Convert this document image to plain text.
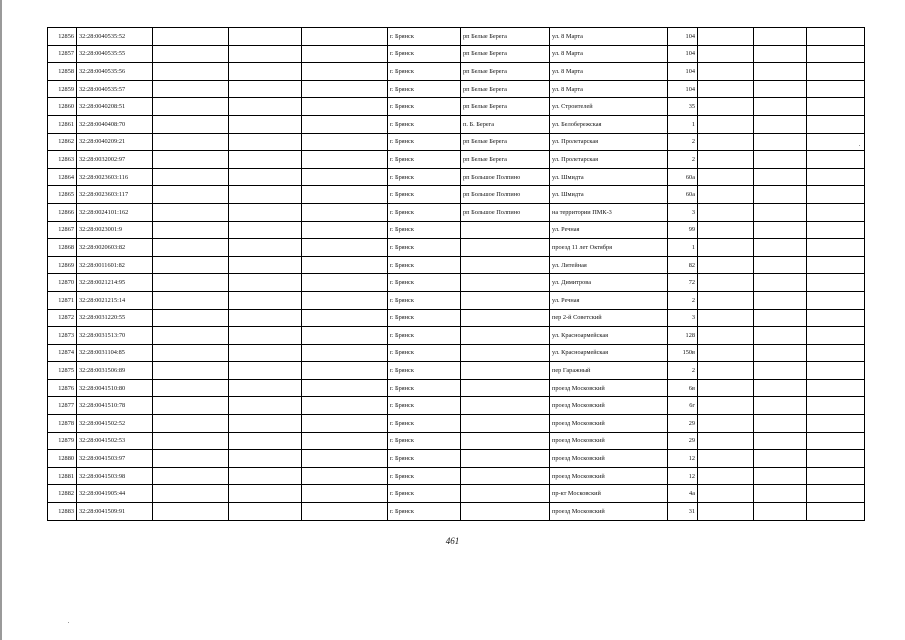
12856	32:28:0040535:52				г. Брянск	рп Белые Берега	ул. 8 Марта	104			
12857	32:28:0040535:55				г. Брянск	рп Белые Берега	ул. 8 Марта	104			
12858	32:28:0040535:56				г. Брянск	рп Белые Берега	ул. 8 Марта	104			
12859	32:28:0040535:57				г. Брянск	рп Белые Берега	ул. 8 Марта	104			
12860	32:28:0040208:51				г. Брянск	рп Белые Берега	ул. Строителей	35			
12861	32:28:0040408:70				г. Брянск	п. Б. Берега	ул. Белобережская	1			
12862	32:28:0040209:21				г. Брянск	рп Белые Берега	ул. Пролетарская	2			
12863	32:28:0032002:97				г. Брянск	рп Белые Берега	ул. Пролетарская	2			
12864	32:28:0023603:116				г. Брянск	рп Большое Полпино	ул. Шмидта	60а			
12865	32:28:0023603:117				г. Брянск	рп Большое Полпино	ул. Шмидта	60а			
12866	32:28:0024101:162				г. Брянск	рп Большое Полпино	на территории ПМК-3	3			
12867	32:28:0023001:9				г. Брянск		ул. Речная	99			
12868	32:28:0020603:82				г. Брянск		проезд 11 лет Октября	1			
12869	32:28:0011601:82				г. Брянск		ул. Литейная	82			
12870	32:28:0021214:95				г. Брянск		ул. Димитрова	72			
12871	32:28:0021215:14				г. Брянск		ул. Речная	2			
12872	32:28:0031220:55				г. Брянск		пер 2-й Советский	3			
12873	32:28:0031513:70				г. Брянск		ул. Красноармейская	128			
12874	32:28:0031104:85				г. Брянск		ул. Красноармейская	150в			
12875	32:28:0031506:89				г. Брянск		пер Гаражный	2			
12876	32:28:0041510:80				г. Брянск		проезд Московский	6в			
12877	32:28:0041510:78				г. Брянск		проезд Московский	6г			
12878	32:28:0041502:52				г. Брянск		проезд Московский	29			
12879	32:28:0041502:53				г. Брянск		проезд Московский	29			
12880	32:28:0041503:97				г. Брянск		проезд Московский	12			
12881	32:28:0041503:98				г. Брянск		проезд Московский	12			
12882	32:28:0041905:44				г. Брянск		пр-кт Московский	4а			
12883	32:28:0041509:91				г. Брянск		проезд Московский	31			
461
